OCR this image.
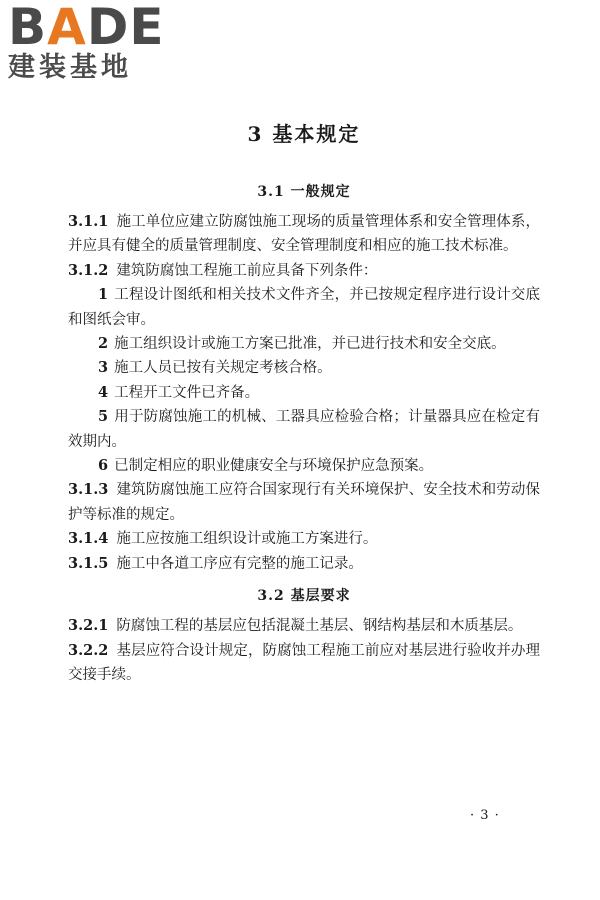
BADE
建装基地
3 基本规定
3.1 一般规定

3.1.1 施工单位应建立防腐蚀施工现场的质量管理体系和安全管理体系，并应具有健全的质量管理制度、安全管理制度和相应的施工技术标准。

3.1.2 建筑防腐蚀工程施工前应具备下列条件：

1 工程设计图纸和相关技术文件齐全，并已按规定程序进行设计交底和图纸会审。

2 施工组织设计或施工方案已批准，并已进行技术和安全交底。

3 施工人员已按有关规定考核合格。

4 工程开工文件已齐备。

5 用于防腐蚀施工的机械、工器具应检验合格；计量器具应在检定有效期内。

6 已制定相应的职业健康安全与环境保护应急预案。

3.1.3 建筑防腐蚀施工应符合国家现行有关环境保护、安全技术和劳动保护等标准的规定。

3.1.4 施工应按施工组织设计或施工方案进行。

3.1.5 施工中各道工序应有完整的施工记录。

3.2 基层要求

3.2.1 防腐蚀工程的基层应包括混凝土基层、钢结构基层和木质基层。

3.2.2 基层应符合设计规定，防腐蚀工程施工前应对基层进行验收并办理交接手续。

· 3 ·
